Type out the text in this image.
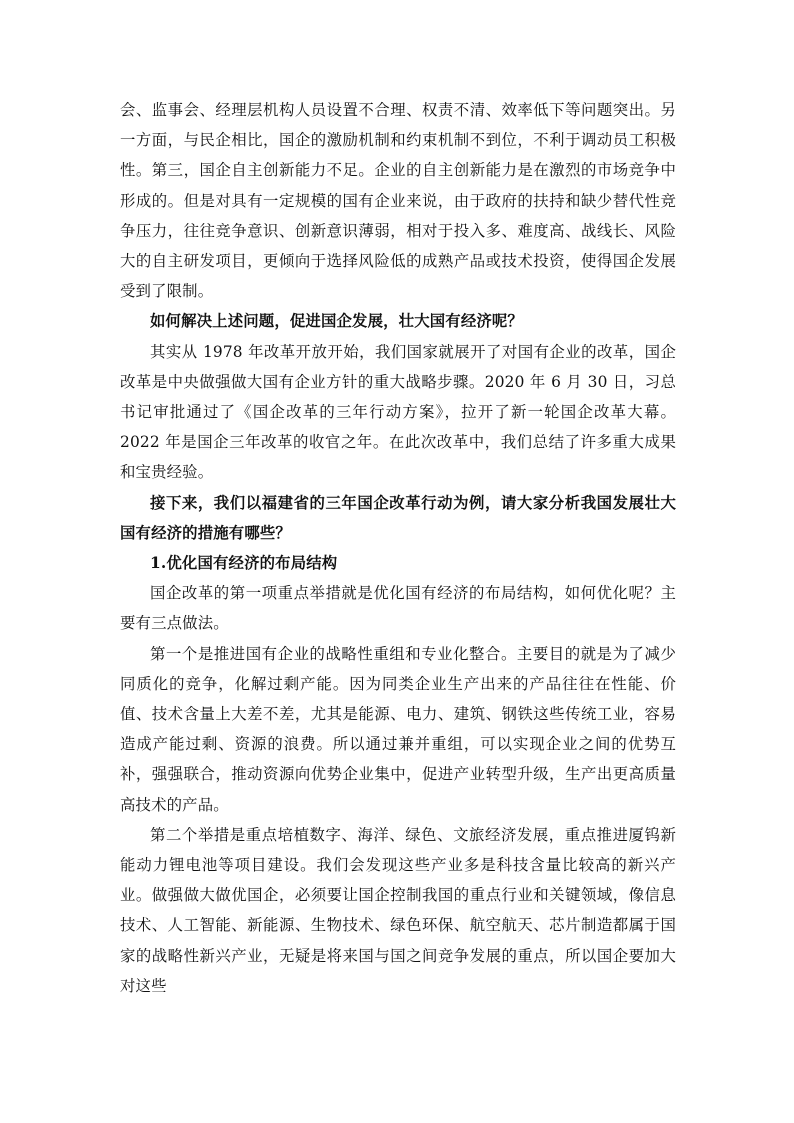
会、监事会、经理层机构人员设置不合理、权责不清、效率低下等问题突出。另一方面，与民企相比，国企的激励机制和约束机制不到位，不利于调动员工积极性。第三，国企自主创新能力不足。企业的自主创新能力是在激烈的市场竞争中形成的。但是对具有一定规模的国有企业来说，由于政府的扶持和缺少替代性竞争压力，往往竞争意识、创新意识薄弱，相对于投入多、难度高、战线长、风险大的自主研发项目，更倾向于选择风险低的成熟产品或技术投资，使得国企发展受到了限制。

如何解决上述问题，促进国企发展，壮大国有经济呢？

其实从 1978 年改革开放开始，我们国家就展开了对国有企业的改革，国企改革是中央做强做大国有企业方针的重大战略步骤。2020 年 6 月 30 日，习总书记审批通过了《国企改革的三年行动方案》，拉开了新一轮国企改革大幕。2022 年是国企三年改革的收官之年。在此次改革中，我们总结了许多重大成果和宝贵经验。

接下来，我们以福建省的三年国企改革行动为例，请大家分析我国发展壮大国有经济的措施有哪些？

1.优化国有经济的布局结构

国企改革的第一项重点举措就是优化国有经济的布局结构，如何优化呢？主要有三点做法。

第一个是推进国有企业的战略性重组和专业化整合。主要目的就是为了减少同质化的竞争，化解过剩产能。因为同类企业生产出来的产品往往在性能、价值、技术含量上大差不差，尤其是能源、电力、建筑、钢铁这些传统工业，容易造成产能过剩、资源的浪费。所以通过兼并重组，可以实现企业之间的优势互补，强强联合，推动资源向优势企业集中，促进产业转型升级，生产出更高质量高技术的产品。

第二个举措是重点培植数字、海洋、绿色、文旅经济发展，重点推进厦钨新能动力锂电池等项目建设。我们会发现这些产业多是科技含量比较高的新兴产业。做强做大做优国企，必须要让国企控制我国的重点行业和关键领域，像信息技术、人工智能、新能源、生物技术、绿色环保、航空航天、芯片制造都属于国家的战略性新兴产业，无疑是将来国与国之间竞争发展的重点，所以国企要加大对这些
